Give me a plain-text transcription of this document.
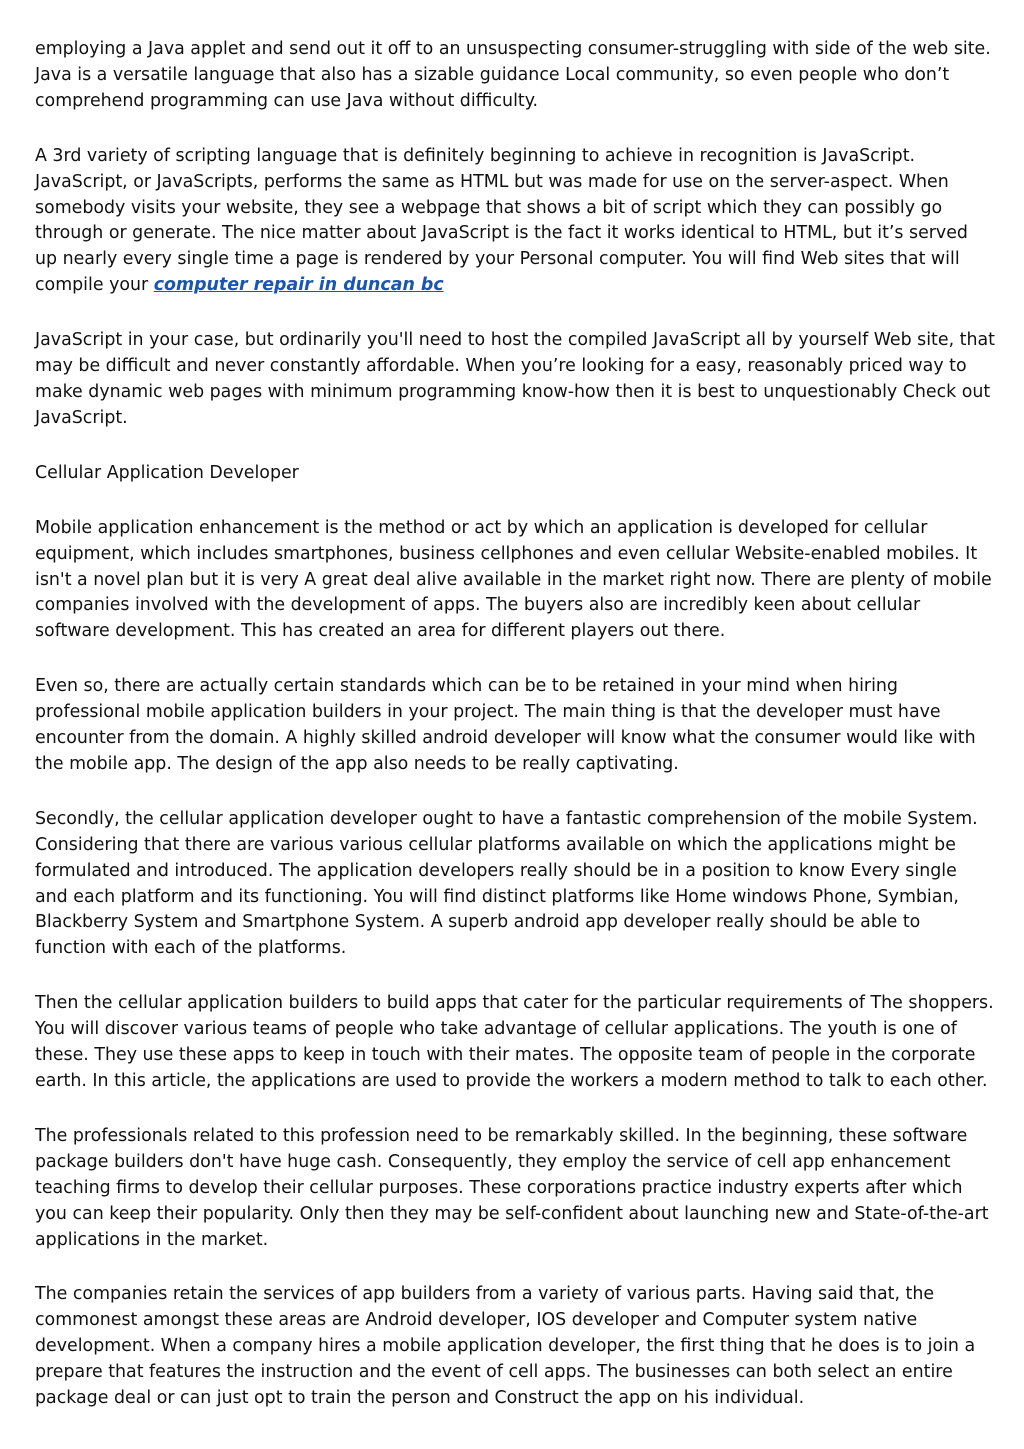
employing a Java applet and send out it off to an unsuspecting consumer-struggling with side of the web site. Java is a versatile language that also has a sizable guidance Local community, so even people who don’t comprehend programming can use Java without difficulty.

A 3rd variety of scripting language that is definitely beginning to achieve in recognition is JavaScript. JavaScript, or JavaScripts, performs the same as HTML but was made for use on the server-aspect. When somebody visits your website, they see a webpage that shows a bit of script which they can possibly go through or generate. The nice matter about JavaScript is the fact it works identical to HTML, but it’s served up nearly every single time a page is rendered by your Personal computer. You will find Web sites that will compile your computer repair in duncan bc

JavaScript in your case, but ordinarily you'll need to host the compiled JavaScript all by yourself Web site, that may be difficult and never constantly affordable. When you’re looking for a easy, reasonably priced way to make dynamic web pages with minimum programming know-how then it is best to unquestionably Check out JavaScript.

Cellular Application Developer

Mobile application enhancement is the method or act by which an application is developed for cellular equipment, which includes smartphones, business cellphones and even cellular Website-enabled mobiles. It isn't a novel plan but it is very A great deal alive available in the market right now. There are plenty of mobile companies involved with the development of apps. The buyers also are incredibly keen about cellular software development. This has created an area for different players out there.

Even so, there are actually certain standards which can be to be retained in your mind when hiring professional mobile application builders in your project. The main thing is that the developer must have encounter from the domain. A highly skilled android developer will know what the consumer would like with the mobile app. The design of the app also needs to be really captivating.

Secondly, the cellular application developer ought to have a fantastic comprehension of the mobile System. Considering that there are various various cellular platforms available on which the applications might be formulated and introduced. The application developers really should be in a position to know Every single and each platform and its functioning. You will find distinct platforms like Home windows Phone, Symbian, Blackberry System and Smartphone System. A superb android app developer really should be able to function with each of the platforms.

Then the cellular application builders to build apps that cater for the particular requirements of The shoppers. You will discover various teams of people who take advantage of cellular applications. The youth is one of these. They use these apps to keep in touch with their mates. The opposite team of people in the corporate earth. In this article, the applications are used to provide the workers a modern method to talk to each other.

The professionals related to this profession need to be remarkably skilled. In the beginning, these software package builders don't have huge cash. Consequently, they employ the service of cell app enhancement teaching firms to develop their cellular purposes. These corporations practice industry experts after which you can keep their popularity. Only then they may be self-confident about launching new and State-of-the-art applications in the market.

The companies retain the services of app builders from a variety of various parts. Having said that, the commonest amongst these areas are Android developer, IOS developer and Computer system native development. When a company hires a mobile application developer, the first thing that he does is to join a prepare that features the instruction and the event of cell apps. The businesses can both select an entire package deal or can just opt to train the person and Construct the app on his individual.
